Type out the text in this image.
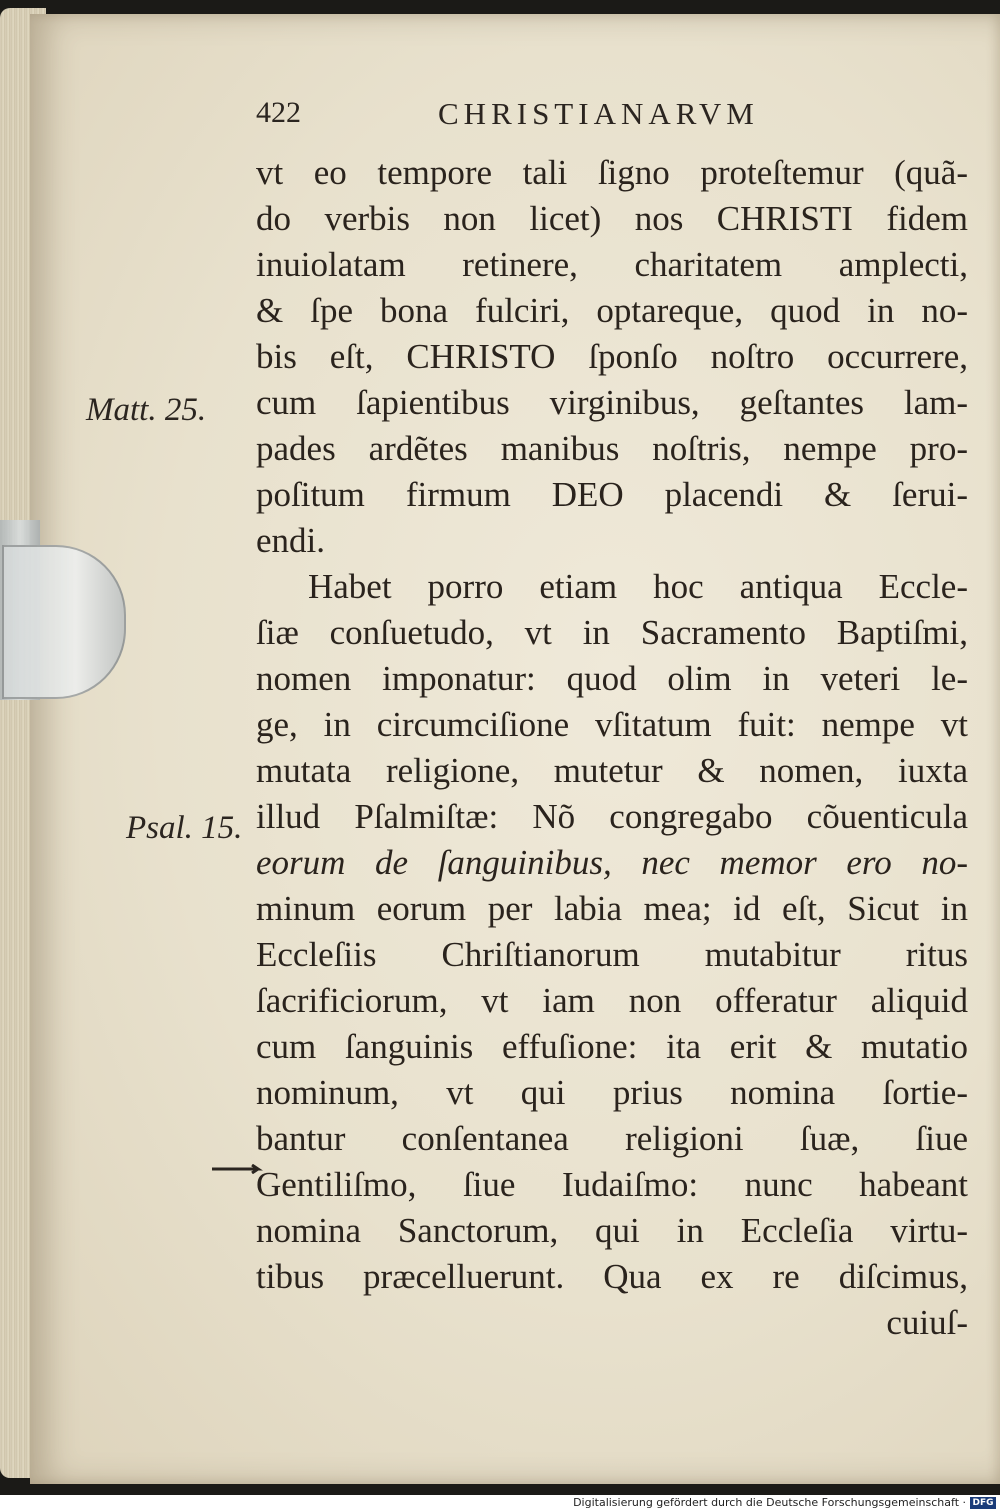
422	CHRISTIANARVM
Matt. 25.
Psal. 15.
vt eo tempore tali ſigno proteſtemur (quã-
do verbis non licet) nos CHRISTI fidem
inuiolatam retinere, charitatem amplecti,
& ſpe bona fulciri, optareque, quod in no-
bis eſt, CHRISTO ſponſo noſtro occurrere,
cum ſapientibus virginibus, geſtantes lam-
pades ardẽtes manibus noſtris, nempe pro-
poſitum firmum DEO placendi & ſerui-
endi.
Habet porro etiam hoc antiqua Eccle-
ſiæ conſuetudo, vt in Sacramento Baptiſmi,
nomen imponatur: quod olim in veteri le-
ge, in circumciſione vſitatum fuit: nempe vt
mutata religione, mutetur & nomen, iuxta
illud Pſalmiſtæ: Nõ congregabo cõuenticula
eorum de ſanguinibus, nec memor ero no-
minum eorum per labia mea; id eſt, Sicut in
Eccleſiis Chriſtianorum mutabitur ritus
ſacrificiorum, vt iam non offeratur aliquid
cum ſanguinis effuſione: ita erit & mutatio
nominum, vt qui prius nomina ſortie-
bantur conſentanea religioni ſuæ, ſiue
Gentiliſmo, ſiue Iudaiſmo: nunc habeant
nomina Sanctorum, qui in Eccleſia virtu-
tibus præcelluerunt. Qua ex re diſcimus,
cuiuſ-
Digitalisierung gefördert durch die Deutsche Forschungsgemeinschaft · DFG
